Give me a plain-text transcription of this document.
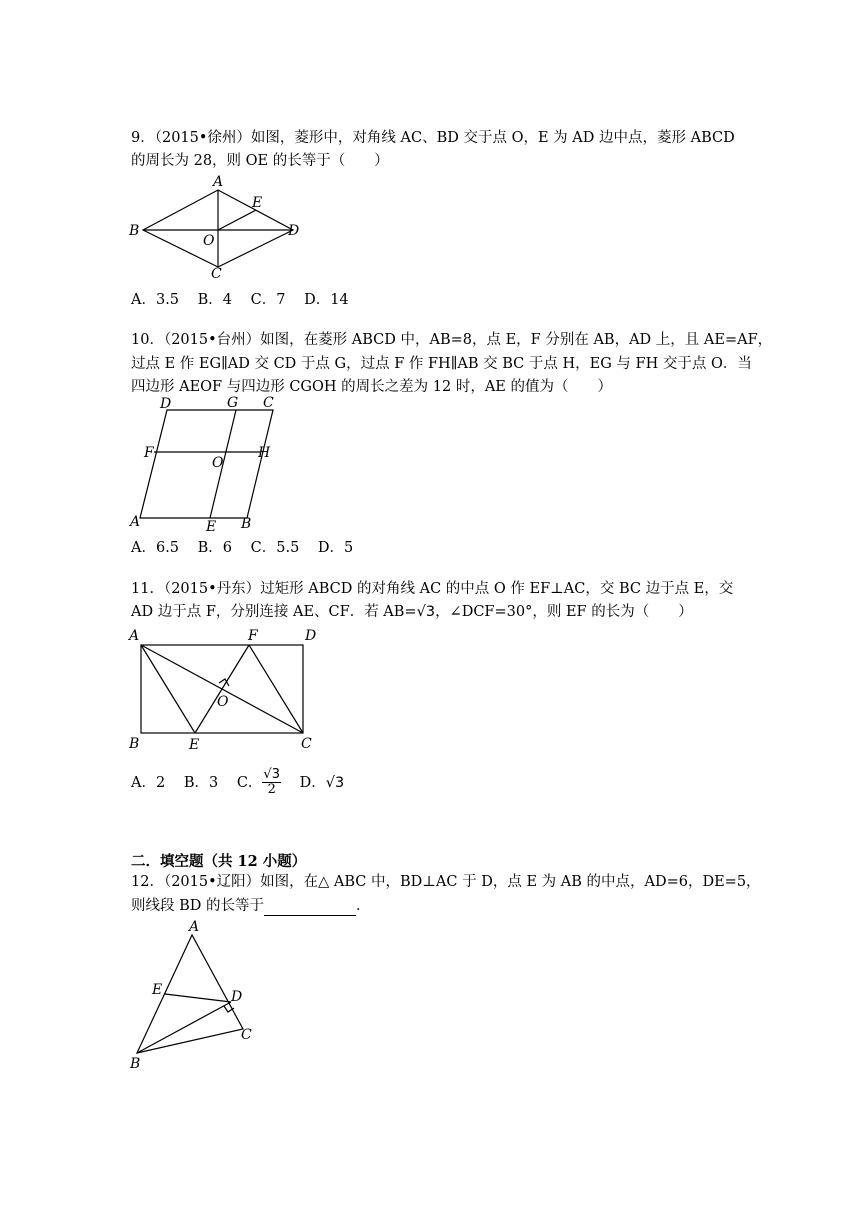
9．（2015•徐州）如图，菱形中，对角线 AC、BD 交于点 O，E 为 AD 边中点，菱形 ABCD
的周长为 28，则 OE 的长等于（　　）
A
B
C
D
E
O
A．3.5 B．4 C．7 D．14
10．（2015•台州）如图，在菱形 ABCD 中，AB=8，点 E，F 分别在 AB，AD 上，且 AE=AF，
过点 E 作 EG∥AD 交 CD 于点 G，过点 F 作 FH∥AB 交 BC 于点 H，EG 与 FH 交于点 O．当
四边形 AEOF 与四边形 CGOH 的周长之差为 12 时，AE 的值为（　　）
A	B
C
D
E
F
G
H
O
A．6.5 B．6 C．5.5 D．5
11．（2015•丹东）过矩形 ABCD 的对角线 AC 的中点 O 作 EF⊥AC，交 BC 边于点 E，交
AD 边于点 F，分别连接 AE、CF．若 AB=√3，∠DCF=30°，则 EF 的长为（　　）
A
B	C
D
E
F
O
A．2 B．3 C． $\frac{√3}{2}$ D．√3
二．填空题（共 12 小题）
12．（2015•辽阳）如图，在△ ABC 中，BD⊥AC 于 D，点 E 为 AB 的中点，AD=6，DE=5，
则线段 BD 的长等于	．
A
B
C
D
E
